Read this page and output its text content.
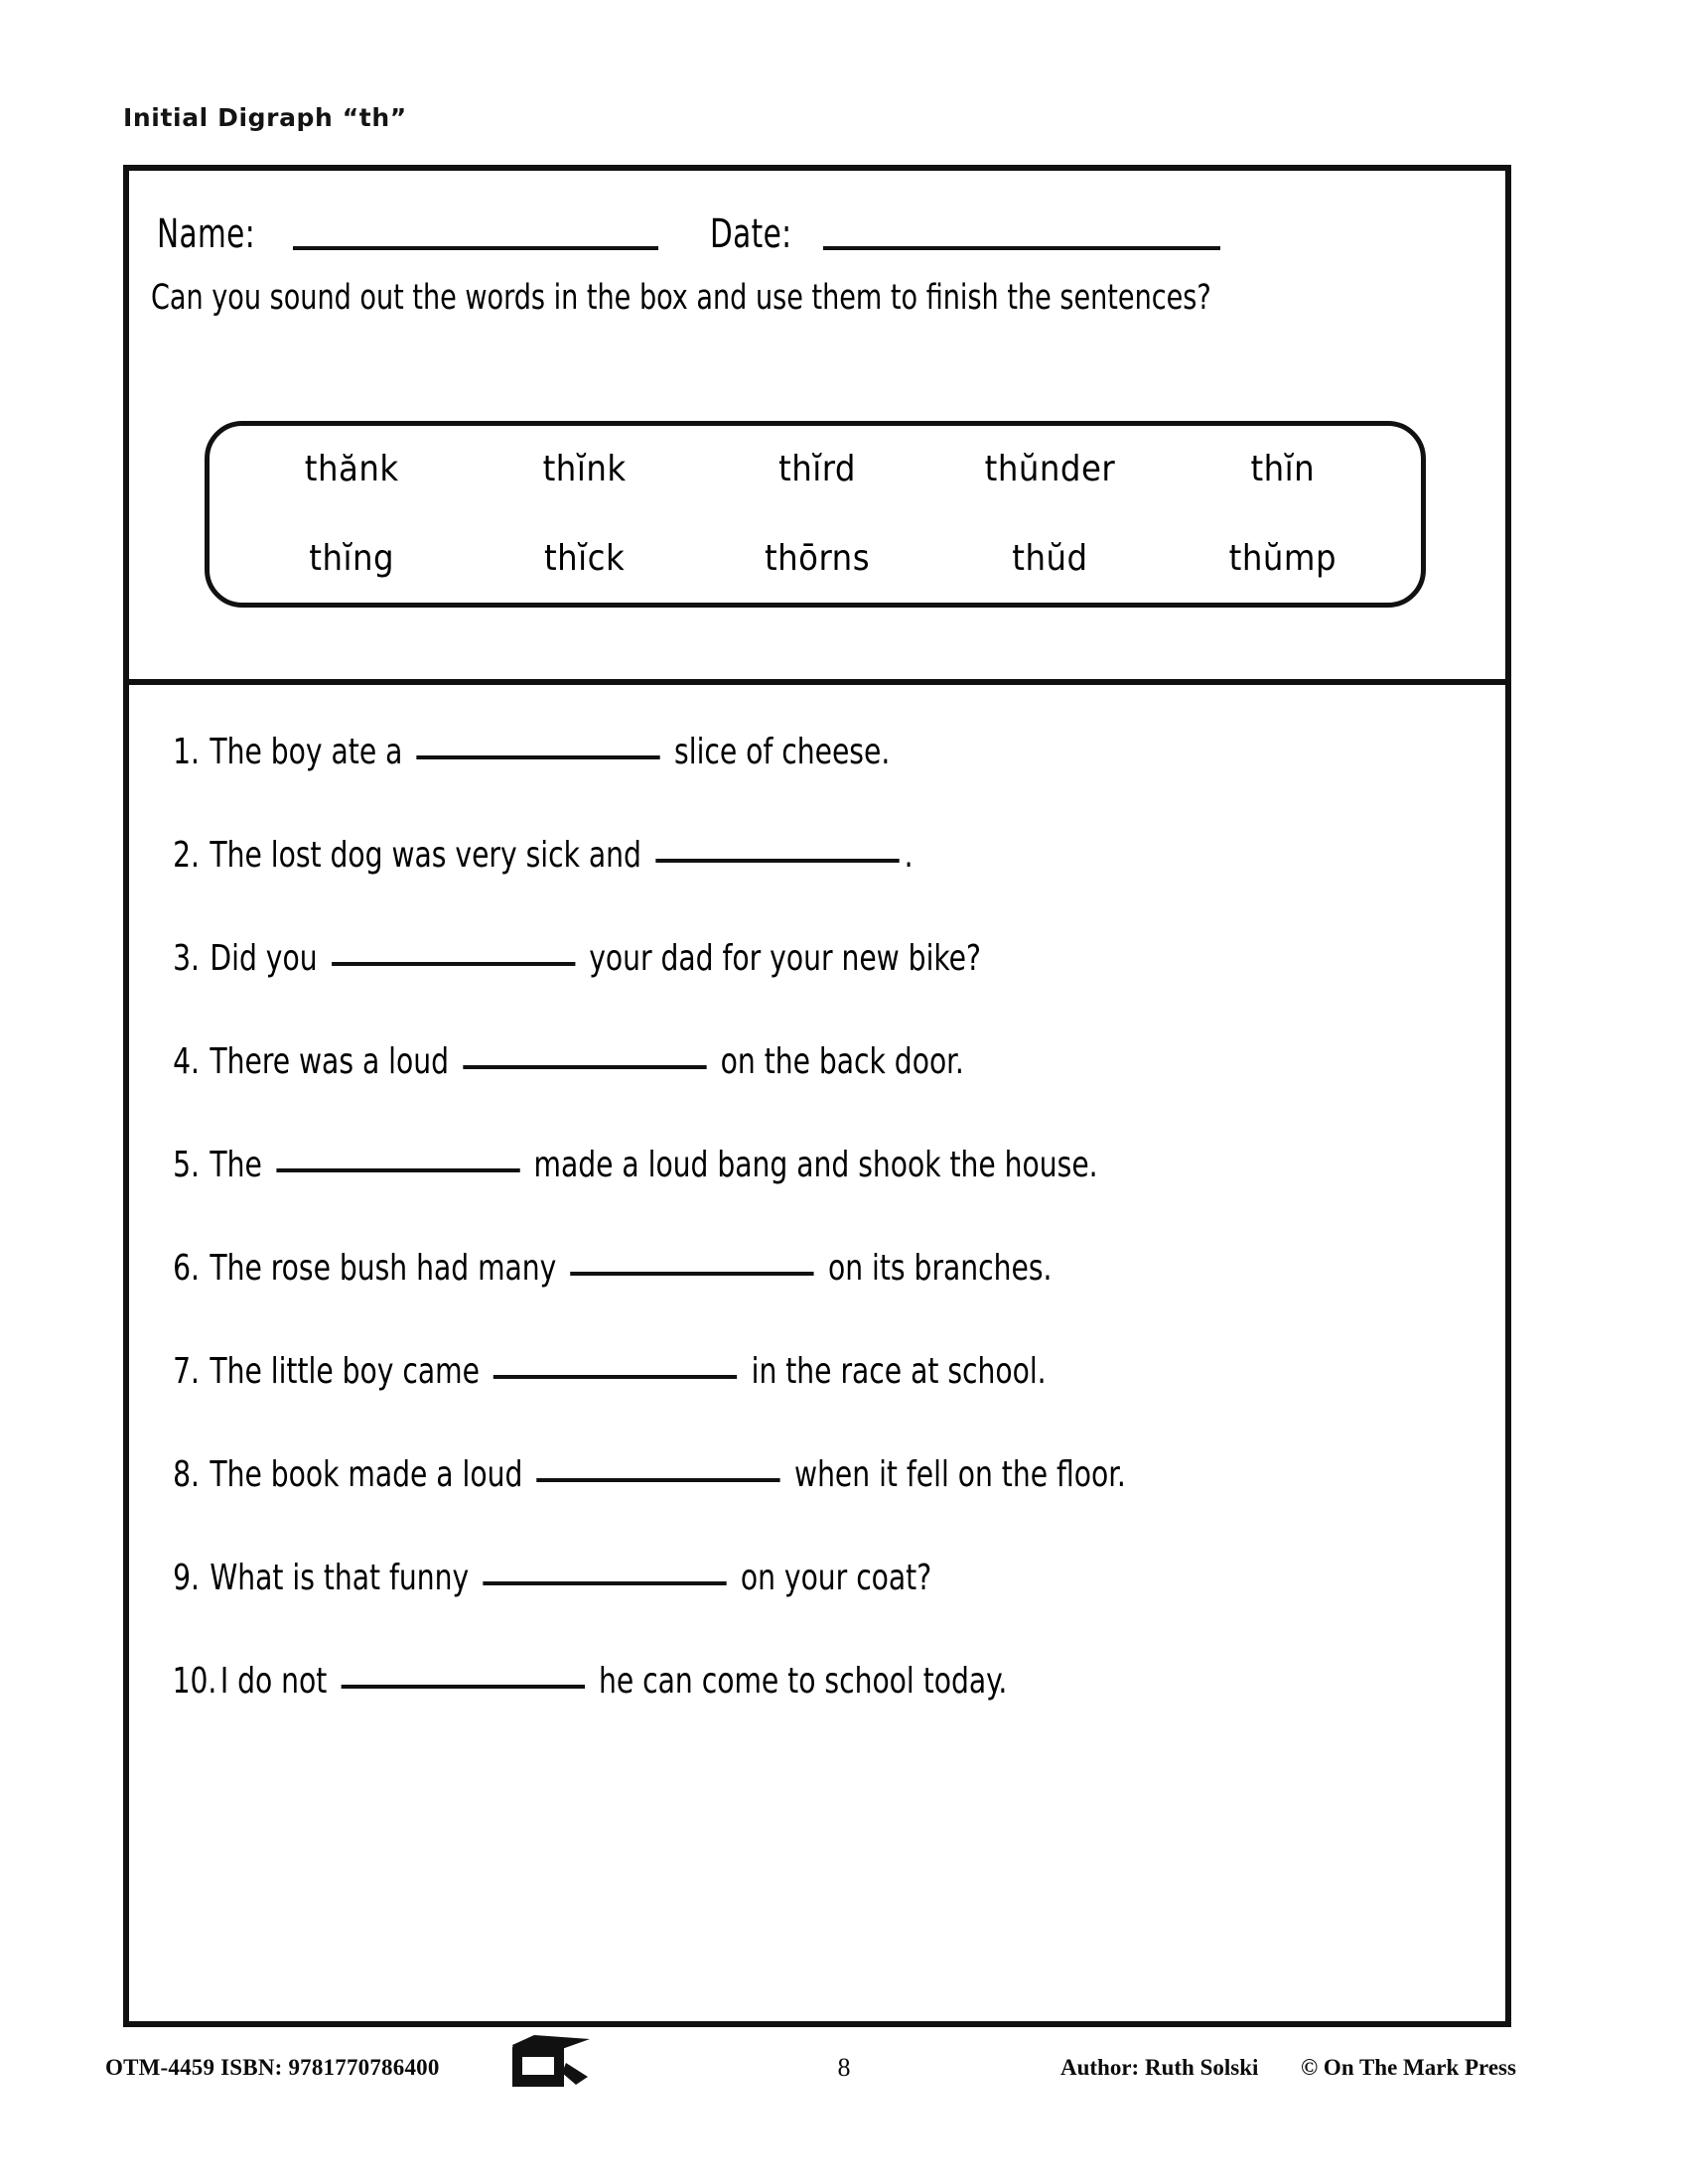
Initial Digraph “th”
Name:	Date:
Can you sound out the words in the box and use them to finish the sentences?
thănk	thĭnk	thĭrd	thŭnder	thĭn
thĭng	thĭck	thōrns	thŭd	thŭmp
1. The boy ate a	slice of cheese.
2. The lost dog was very sick and	.
3. Did you	your dad for your new bike?
4. There was a loud	on the back door.
5. The	made a loud bang and shook the house.
6. The rose bush had many	on its branches.
7. The little boy came	in the race at school.
8. The book made a loud	when it fell on the floor.
9. What is that funny	on your coat?
10. I do not	he can come to school today.
OTM-4459 ISBN: 9781770786400	8	Author: Ruth Solski © On The Mark Press
